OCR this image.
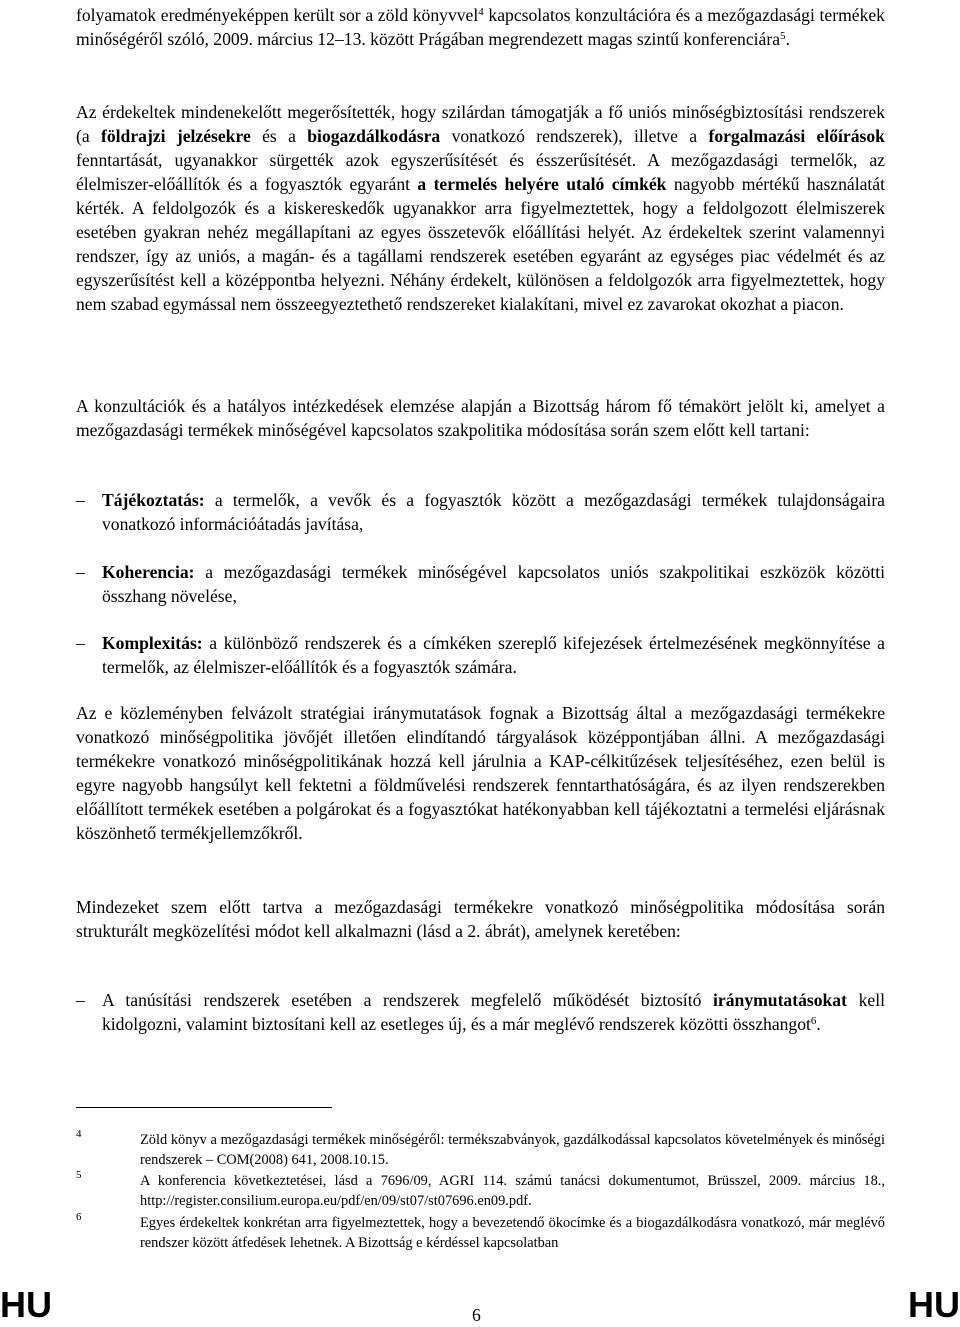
folyamatok eredményeképpen került sor a zöld könyvvel$^4$ kapcsolatos konzultációra és a mezőgazdasági termékek minőségéről szóló, 2009. március 12–13. között Prágában megrendezett magas szintű konferenciára$^5$.

Az érdekeltek mindenekelőtt megerősítették, hogy szilárdan támogatják a fő uniós minőségbiztosítási rendszerek (a földrajzi jelzésekre és a biogazdálkodásra vonatkozó rendszerek), illetve a forgalmazási előírások fenntartását, ugyanakkor sürgették azok egyszerűsítését és ésszerűsítését. A mezőgazdasági termelők, az élelmiszer-előállítók és a fogyasztók egyaránt a termelés helyére utaló címkék nagyobb mértékű használatát kérték. A feldolgozók és a kiskereskedők ugyanakkor arra figyelmeztettek, hogy a feldolgozott élelmiszerek esetében gyakran nehéz megállapítani az egyes összetevők előállítási helyét. Az érdekeltek szerint valamennyi rendszer, így az uniós, a magán- és a tagállami rendszerek esetében egyaránt az egységes piac védelmét és az egyszerűsítést kell a középpontba helyezni. Néhány érdekelt, különösen a feldolgozók arra figyelmeztettek, hogy nem szabad egymással nem összeegyeztethető rendszereket kialakítani, mivel ez zavarokat okozhat a piacon.

A konzultációk és a hatályos intézkedések elemzése alapján a Bizottság három fő témakört jelölt ki, amelyet a mezőgazdasági termékek minőségével kapcsolatos szakpolitika módosítása során szem előtt kell tartani:

– Tájékoztatás: a termelők, a vevők és a fogyasztók között a mezőgazdasági termékek tulajdonságaira vonatkozó információátadás javítása,
– Koherencia: a mezőgazdasági termékek minőségével kapcsolatos uniós szakpolitikai eszközök közötti összhang növelése,
– Komplexitás: a különböző rendszerek és a címkéken szereplő kifejezések értelmezésének megkönnyítése a termelők, az élelmiszer-előállítók és a fogyasztók számára.

Az e közleményben felvázolt stratégiai iránymutatások fognak a Bizottság által a mezőgazdasági termékekre vonatkozó minőségpolitika jövőjét illetően elindítandó tárgyalások középpontjában állni. A mezőgazdasági termékekre vonatkozó minőségpolitikának hozzá kell járulnia a KAP-célkitűzések teljesítéséhez, ezen belül is egyre nagyobb hangsúlyt kell fektetni a földművelési rendszerek fenntarthatóságára, és az ilyen rendszerekben előállított termékek esetében a polgárokat és a fogyasztókat hatékonyabban kell tájékoztatni a termelési eljárásnak köszönhető termékjellemzőkről.

Mindezeket szem előtt tartva a mezőgazdasági termékekre vonatkozó minőségpolitika módosítása során strukturált megközelítési módot kell alkalmazni (lásd a 2. ábrát), amelynek keretében:

– A tanúsítási rendszerek esetében a rendszerek megfelelő működését biztosító iránymutatásokat kell kidolgozni, valamint biztosítani kell az esetleges új, és a már meglévő rendszerek közötti összhangot$^6$.
4	Zöld könyv a mezőgazdasági termékek minőségéről: termékszabványok, gazdálkodással kapcsolatos követelmények és minőségi rendszerek – COM(2008) 641, 2008.10.15.
5	A konferencia következtetései, lásd a 7696/09, AGRI 114. számú tanácsi dokumentumot, Brüsszel, 2009. március 18., http://register.consilium.europa.eu/pdf/en/09/st07/st07696.en09.pdf.
6	Egyes érdekeltek konkrétan arra figyelmeztettek, hogy a bevezetendő ökocímke és a biogazdálkodásra vonatkozó, már meglévő rendszer között átfedések lehetnek. A Bizottság e kérdéssel kapcsolatban
HU	6	HU
